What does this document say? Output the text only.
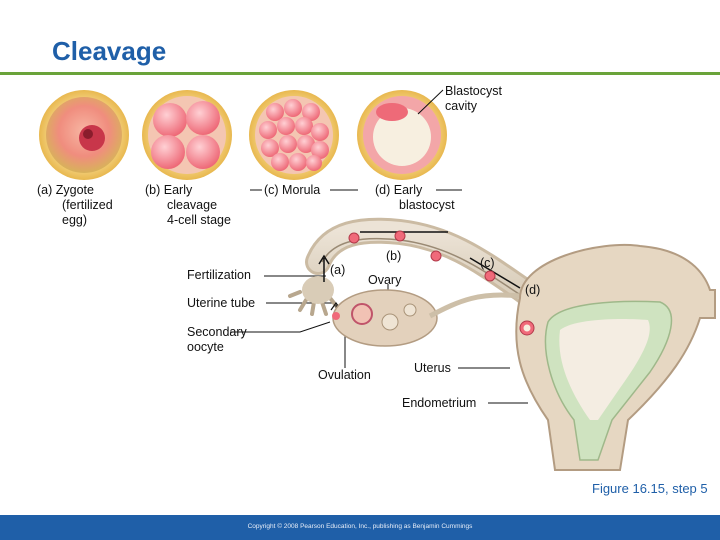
Cleavage
Blastocyst
cavity
(a) Zygote
(fertilized
egg)
(b) Early
cleavage
4-cell stage
(c) Morula	(d) Early
blastocyst
Fertilization
Uterine tube
Secondary
oocyte
Ovulation
Ovary
Uterus
Endometrium
(a)
(b)	(c)
(d)
Figure 16.15, step 5
Copyright © 2008 Pearson Education, Inc., publishing as Benjamin Cummings
